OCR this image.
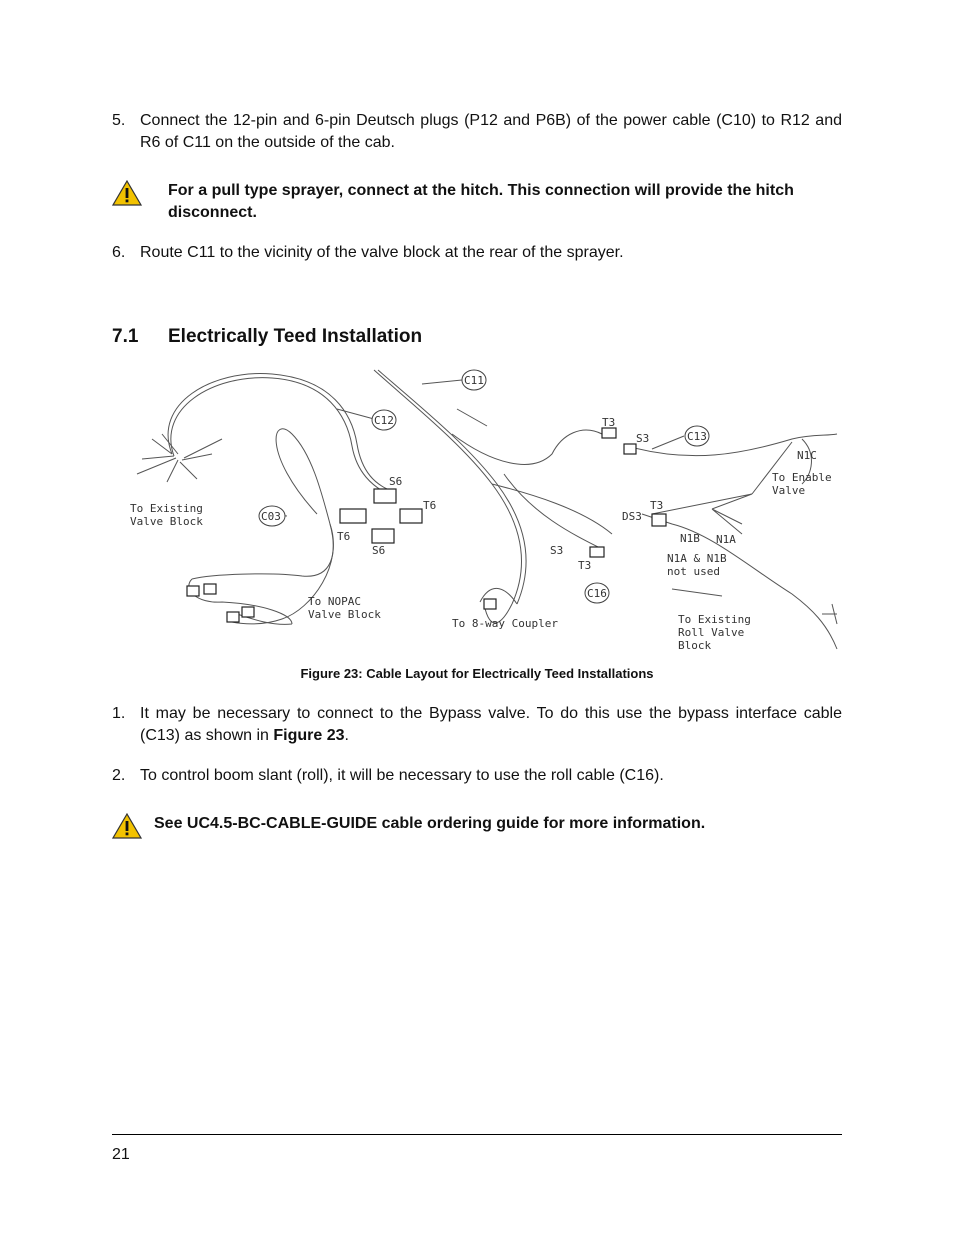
5. Connect the 12-pin and 6-pin Deutsch plugs (P12 and P6B) of the power cable (C10) to R12 and R6 of C11 on the outside of the cab.
For a pull type sprayer, connect at the hitch. This connection will provide the hitch disconnect.
6. Route C11 to the vicinity of the valve block at the rear of the sprayer.
7.1 Electrically Teed Installation
C11
C12
C03
C13
C16
S6
T6
T6
S6
T3
S3
T3
DS3
S3
T3
N1C
N1B N1A
To Existing
Valve Block
To NOPAC
Valve Block
To 8-way Coupler
To Enable
Valve
N1A & N1B
not used
To Existing
Roll Valve
Block
Figure 23: Cable Layout for Electrically Teed Installations
1. It may be necessary to connect to the Bypass valve. To do this use the bypass interface cable (C13) as shown in Figure 23.
2. To control boom slant (roll), it will be necessary to use the roll cable (C16).
See UC4.5-BC-CABLE-GUIDE cable ordering guide for more information.
21
